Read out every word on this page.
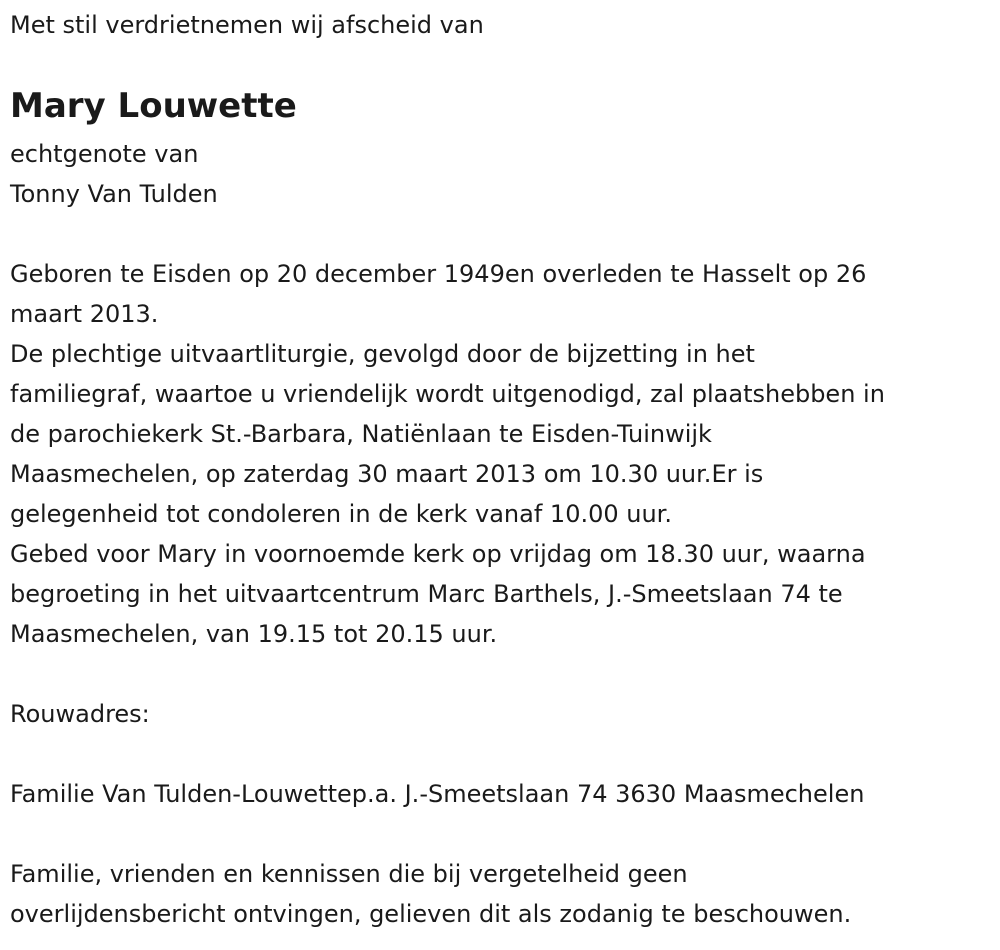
Met stil verdrietnemen wij afscheid van
Mary Louwette
echtgenote van
Tonny Van Tulden
Geboren te Eisden op 20 december 1949en overleden te Hasselt op 26
maart 2013.
De plechtige uitvaartliturgie, gevolgd door de bijzetting in het
familiegraf, waartoe u vriendelijk wordt uitgenodigd, zal plaatshebben in
de parochiekerk St.-Barbara, Natiënlaan te Eisden-Tuinwijk
Maasmechelen, op zaterdag 30 maart 2013 om 10.30 uur.Er is
gelegenheid tot condoleren in de kerk vanaf 10.00 uur.
Gebed voor Mary in voornoemde kerk op vrijdag om 18.30 uur, waarna
begroeting in het uitvaartcentrum Marc Barthels, J.-Smeetslaan 74 te
Maasmechelen, van 19.15 tot 20.15 uur.
Rouwadres:
Familie Van Tulden-Louwettep.a. J.-Smeetslaan 74 3630 Maasmechelen
Familie, vrienden en kennissen die bij vergetelheid geen
overlijdensbericht ontvingen, gelieven dit als zodanig te beschouwen.
